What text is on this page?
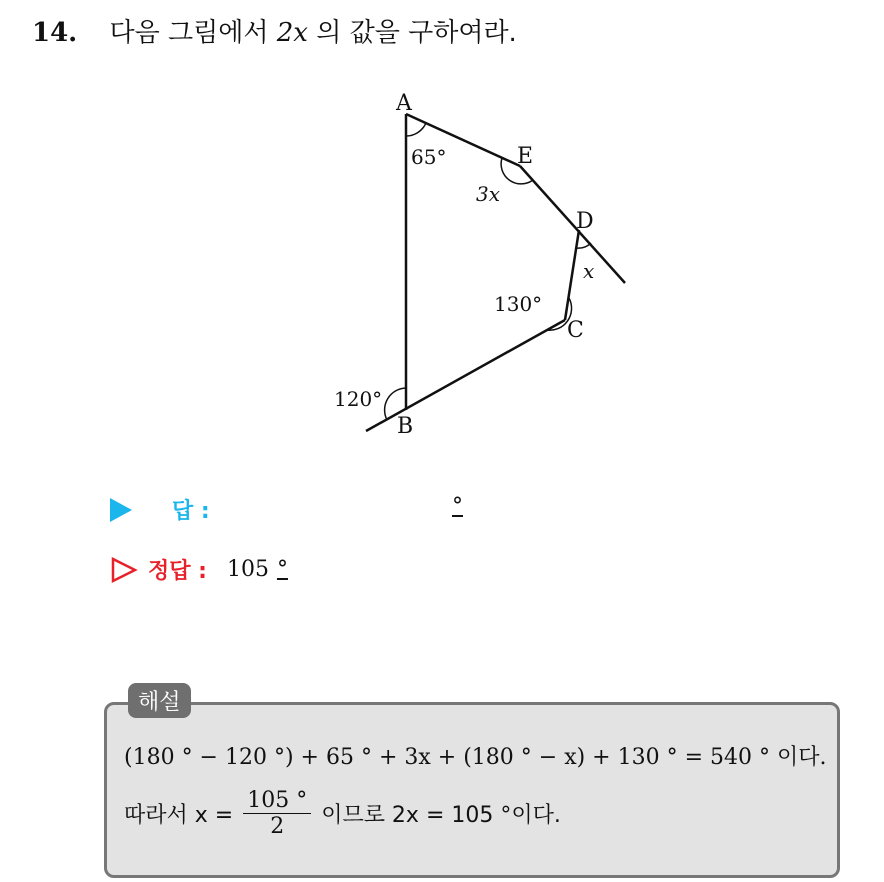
14. 다음 그림에서 2x 의 값을 구하여라.
A
B
C
D
E
65°
3x
x
130°
120°
답 :	°
정답 : 105 °
해설
(180 ° − 120 °) + 65 ° + 3x + (180 ° − x) + 130 ° = 540 ° 이다.
따라서 $x = \frac{105 ^\circ}{2}$ 이므로 2x = 105 °이다.
